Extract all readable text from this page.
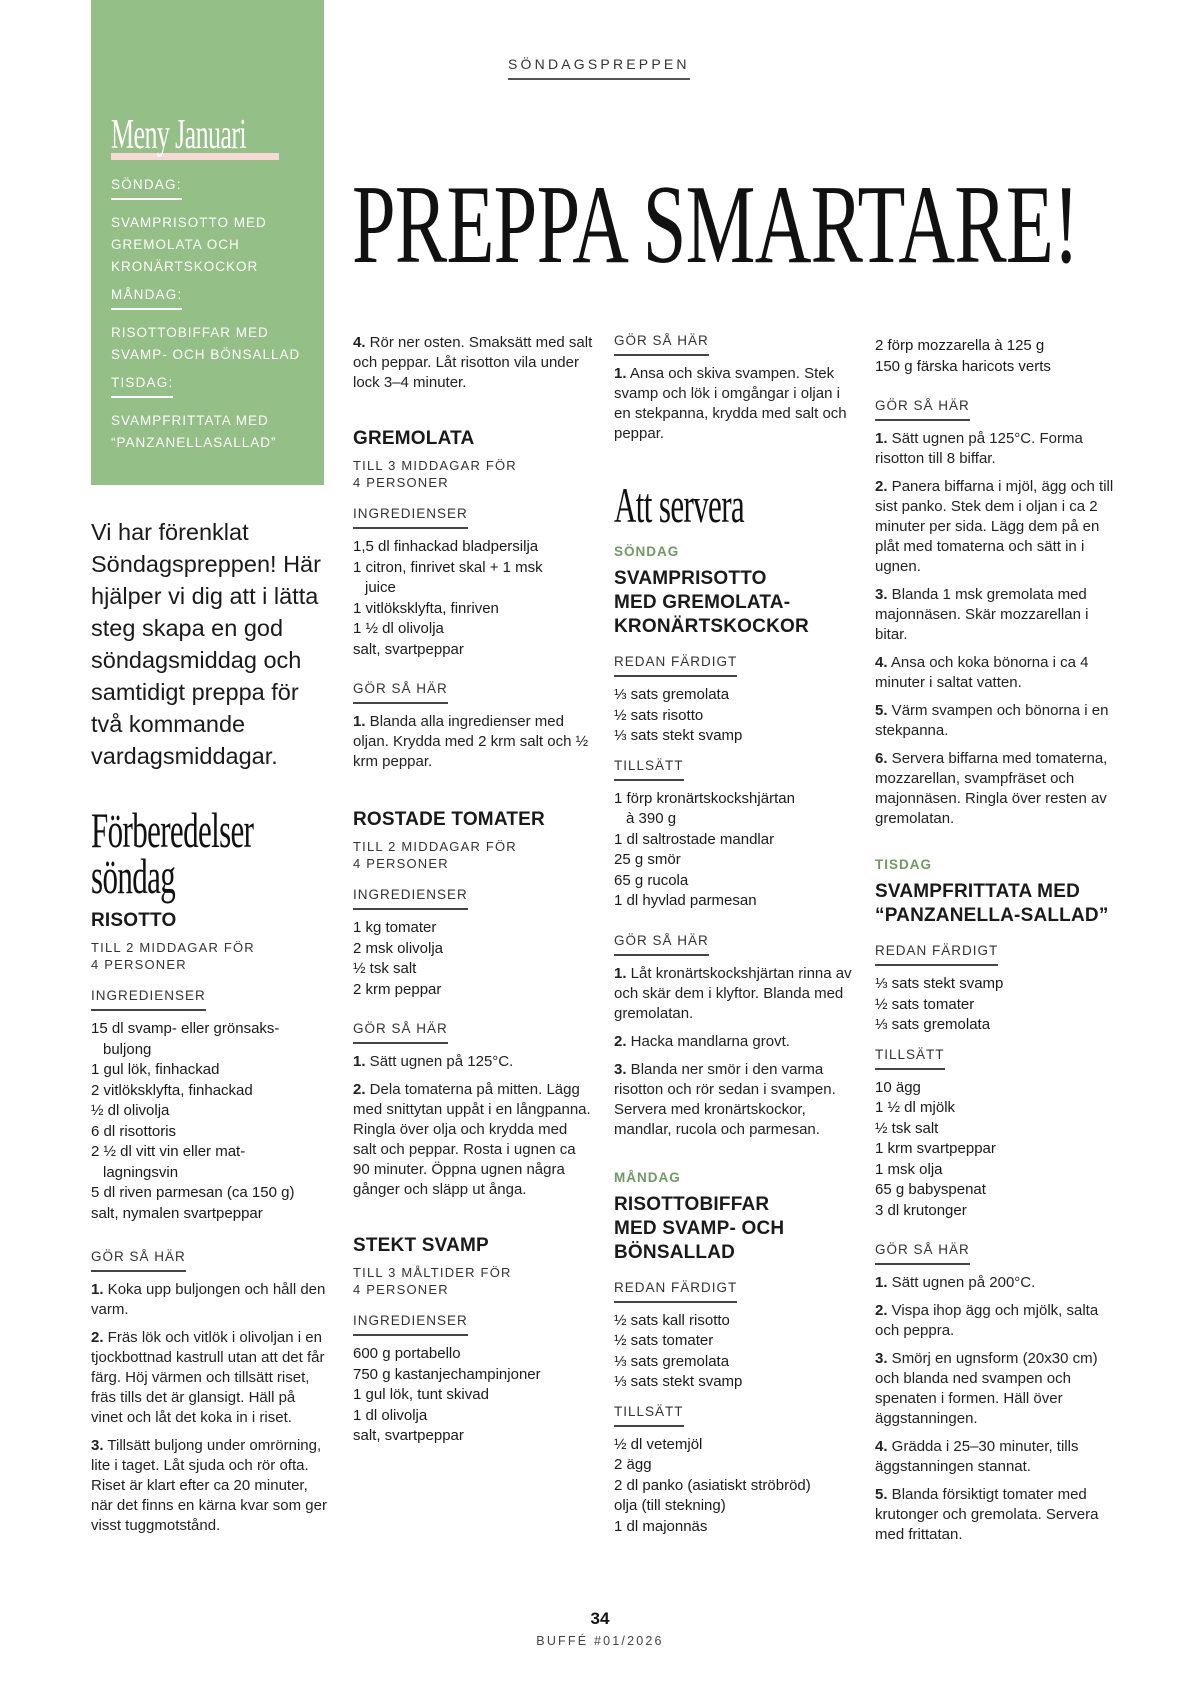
Meny Januari
SÖNDAG:
SVAMPRISOTTO MED
GREMOLATA OCH
KRONÄRTSKOCKOR
MÅNDAG:
RISOTTOBIFFAR MED
SVAMP- OCH BÖNSALLAD
TISDAG:
SVAMPFRITTATA MED
“PANZANELLASALLAD”
SÖNDAGSPREPPEN
PREPPA SMARTARE!
Vi har förenklat Söndagspreppen! Här hjälper vi dig att i lätta steg skapa en god söndagsmiddag och samtidigt preppa för två kommande vardagsmiddagar.
Förberedelser
söndag
RISOTTO
TILL 2 MIDDAGAR FÖR
4 PERSONER
INGREDIENSER
15 dl svamp- eller grönsaks-
buljong
1 gul lök, finhackad
2 vitlöksklyfta, finhackad
½ dl olivolja
6 dl risottoris
2 ½ dl vitt vin eller mat-
lagningsvin
5 dl riven parmesan (ca 150 g)
salt, nymalen svartpeppar
GÖR SÅ HÄR
1. Koka upp buljongen och håll den varm.
2. Fräs lök och vitlök i olivoljan i en tjockbottnad kastrull utan att det får färg. Höj värmen och tillsätt riset, fräs tills det är glansigt. Häll på vinet och låt det koka in i riset.
3. Tillsätt buljong under omrörning, lite i taget. Låt sjuda och rör ofta. Riset är klart efter ca 20 minuter, när det finns en kärna kvar som ger visst tuggmotstånd.
4. Rör ner osten. Smaksätt med salt och peppar. Låt risotton vila under lock 3–4 minuter.
GREMOLATA
TILL 3 MIDDAGAR FÖR
4 PERSONER
INGREDIENSER
1,5 dl finhackad bladpersilja
1 citron, finrivet skal + 1 msk
juice
1 vitlöksklyfta, finriven
1 ½ dl olivolja
salt, svartpeppar
GÖR SÅ HÄR
1. Blanda alla ingredienser med oljan. Krydda med 2 krm salt och ½ krm peppar.
ROSTADE TOMATER
TILL 2 MIDDAGAR FÖR
4 PERSONER
INGREDIENSER
1 kg tomater
2 msk olivolja
½ tsk salt
2 krm peppar
GÖR SÅ HÄR
1. Sätt ugnen på 125°C.
2. Dela tomaterna på mitten. Lägg med snittytan uppåt i en långpanna. Ringla över olja och krydda med salt och peppar. Rosta i ugnen ca 90 minuter. Öppna ugnen några gånger och släpp ut ånga.
STEKT SVAMP
TILL 3 MÅLTIDER FÖR
4 PERSONER
INGREDIENSER
600 g portabello
750 g kastanjechampinjoner
1 gul lök, tunt skivad
1 dl olivolja
salt, svartpeppar
GÖR SÅ HÄR
1. Ansa och skiva svampen. Stek svamp och lök i omgångar i oljan i en stekpanna, krydda med salt och peppar.
Att servera
SÖNDAG
SVAMPRISOTTO
MED GREMOLATA-
KRONÄRTSKOCKOR
REDAN FÄRDIGT
⅓ sats gremolata
½ sats risotto
⅓ sats stekt svamp
TILLSÄTT
1 förp kronärtskockshjärtan
à 390 g
1 dl saltrostade mandlar
25 g smör
65 g rucola
1 dl hyvlad parmesan
GÖR SÅ HÄR
1. Låt kronärtskockshjärtan rinna av och skär dem i klyftor. Blanda med gremolatan.
2. Hacka mandlarna grovt.
3. Blanda ner smör i den varma risotton och rör sedan i svampen. Servera med kronärtskockor, mandlar, rucola och parmesan.
MÅNDAG
RISOTTOBIFFAR
MED SVAMP- OCH
BÖNSALLAD
REDAN FÄRDIGT
½ sats kall risotto
½ sats tomater
⅓ sats gremolata
⅓ sats stekt svamp
TILLSÄTT
½ dl vetemjöl
2 ägg
2 dl panko (asiatiskt ströbröd)
olja (till stekning)
1 dl majonnäs
2 förp mozzarella à 125 g
150 g färska haricots verts
GÖR SÅ HÄR
1. Sätt ugnen på 125°C. Forma risotton till 8 biffar.
2. Panera biffarna i mjöl, ägg och till sist panko. Stek dem i oljan i ca 2 minuter per sida. Lägg dem på en plåt med tomaterna och sätt in i ugnen.
3. Blanda 1 msk gremolata med majonnäsen. Skär mozzarellan i bitar.
4. Ansa och koka bönorna i ca 4 minuter i saltat vatten.
5. Värm svampen och bönorna i en stekpanna.
6. Servera biffarna med tomaterna, mozzarellan, svampfräset och majonnäsen. Ringla över resten av gremolatan.
TISDAG
SVAMPFRITTATA MED
“PANZANELLA-SALLAD”
REDAN FÄRDIGT
⅓ sats stekt svamp
½ sats tomater
⅓ sats gremolata
TILLSÄTT
10 ägg
1 ½ dl mjölk
½ tsk salt
1 krm svartpeppar
1 msk olja
65 g babyspenat
3 dl krutonger
GÖR SÅ HÄR
1. Sätt ugnen på 200°C.
2. Vispa ihop ägg och mjölk, salta och peppra.
3. Smörj en ugnsform (20x30 cm) och blanda ned svampen och spenaten i formen. Häll över äggstanningen.
4. Grädda i 25–30 minuter, tills äggstanningen stannat.
5. Blanda försiktigt tomater med krutonger och gremolata. Servera med frittatan.
34
BUFFÉ #01/2026
